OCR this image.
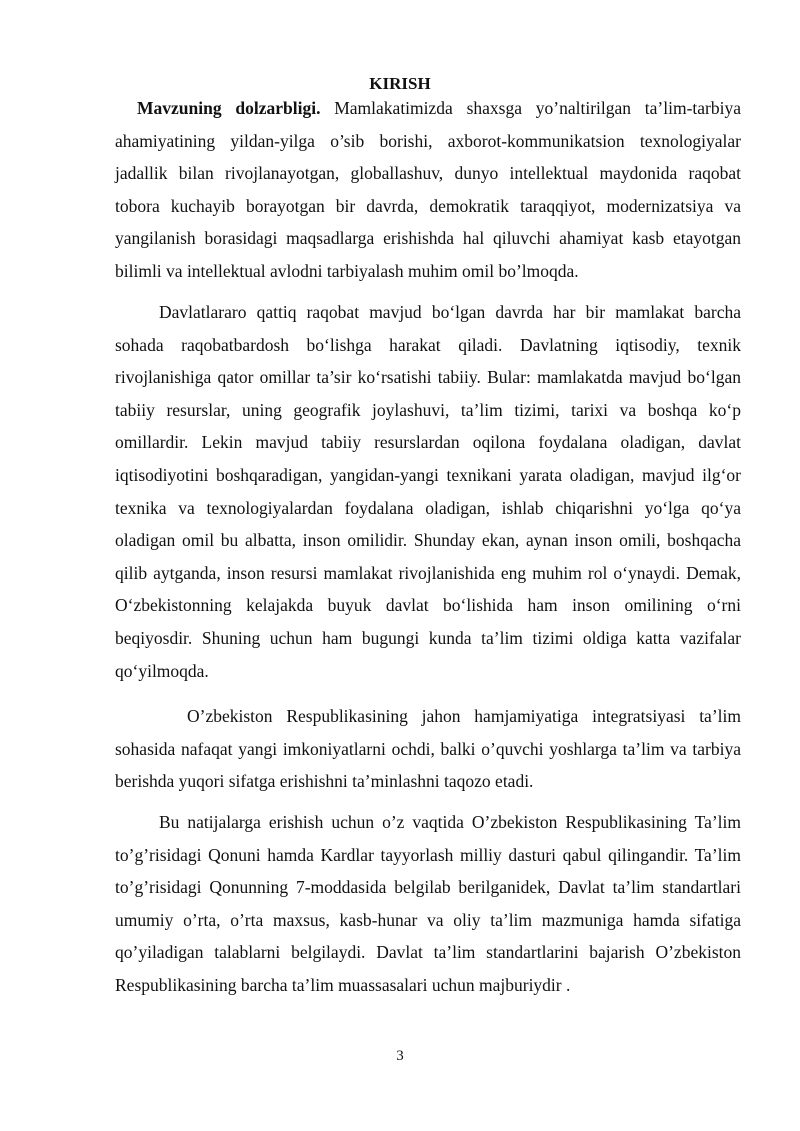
KIRISH
Mavzuning dolzarbligi. Mamlakatimizda shaxsga yo’naltirilgan ta’lim-tarbiya ahamiyatining yildan-yilga o’sib borishi, axborot-kommunikatsion texnologiyalar jadallik bilan rivojlanayotgan, globallashuv, dunyo intellektual maydonida raqobat tobora kuchayib borayotgan bir davrda, demokratik taraqqiyot, modernizatsiya va yangilanish borasidagi maqsadlarga erishishda hal qiluvchi ahamiyat kasb etayotgan bilimli va intellektual avlodni tarbiyalash muhim omil bo’lmoqda.
Davlatlararo qattiq raqobat mavjud bo‘lgan davrda har bir mamlakat barcha sohada raqobatbardosh bo‘lishga harakat qiladi. Davlatning iqtisodiy, texnik rivojlanishiga qator omillar ta’sir ko‘rsatishi tabiiy. Bular: mamlakatda mavjud bo‘lgan tabiiy resurslar, uning geografik joylashuvi, ta’lim tizimi, tarixi va boshqa ko‘p omillardir. Lekin mavjud tabiiy resurslardan oqilona foydalana oladigan, davlat iqtisodiyotini boshqaradigan, yangidan-yangi texnikani yarata oladigan, mavjud ilg‘or texnika va texnologiyalardan foydalana oladigan, ishlab chiqarishni yo‘lga qo‘ya oladigan omil bu albatta, inson omilidir. Shunday ekan, aynan inson omili, boshqacha qilib aytganda, inson resursi mamlakat rivojlanishida eng muhim rol o‘ynaydi. Demak, O‘zbekistonning kelajakda buyuk davlat bo‘lishida ham inson omilining o‘rni beqiyosdir. Shuning uchun ham bugungi kunda ta’lim tizimi oldiga katta vazifalar qo‘yilmoqda.
O’zbekiston Respublikasining jahon hamjamiyatiga integratsiyasi ta’lim sohasida nafaqat yangi imkoniyatlarni ochdi, balki o’quvchi yoshlarga ta’lim va tarbiya berishda yuqori sifatga erishishni ta’minlashni taqozo etadi.
Bu natijalarga erishish uchun o’z vaqtida O’zbekiston Respublikasining Ta’lim to’g’risidagi Qonuni hamda Kardlar tayyorlash milliy dasturi qabul qilingandir. Ta’lim to’g’risidagi Qonunning 7-moddasida belgilab berilganidek, Davlat ta’lim standartlari umumiy o’rta, o’rta maxsus, kasb-hunar va oliy ta’lim mazmuniga hamda sifatiga qo’yiladigan talablarni belgilaydi. Davlat ta’lim standartlarini bajarish O’zbekiston Respublikasining barcha ta’lim muassasalari uchun majburiydir .
3
